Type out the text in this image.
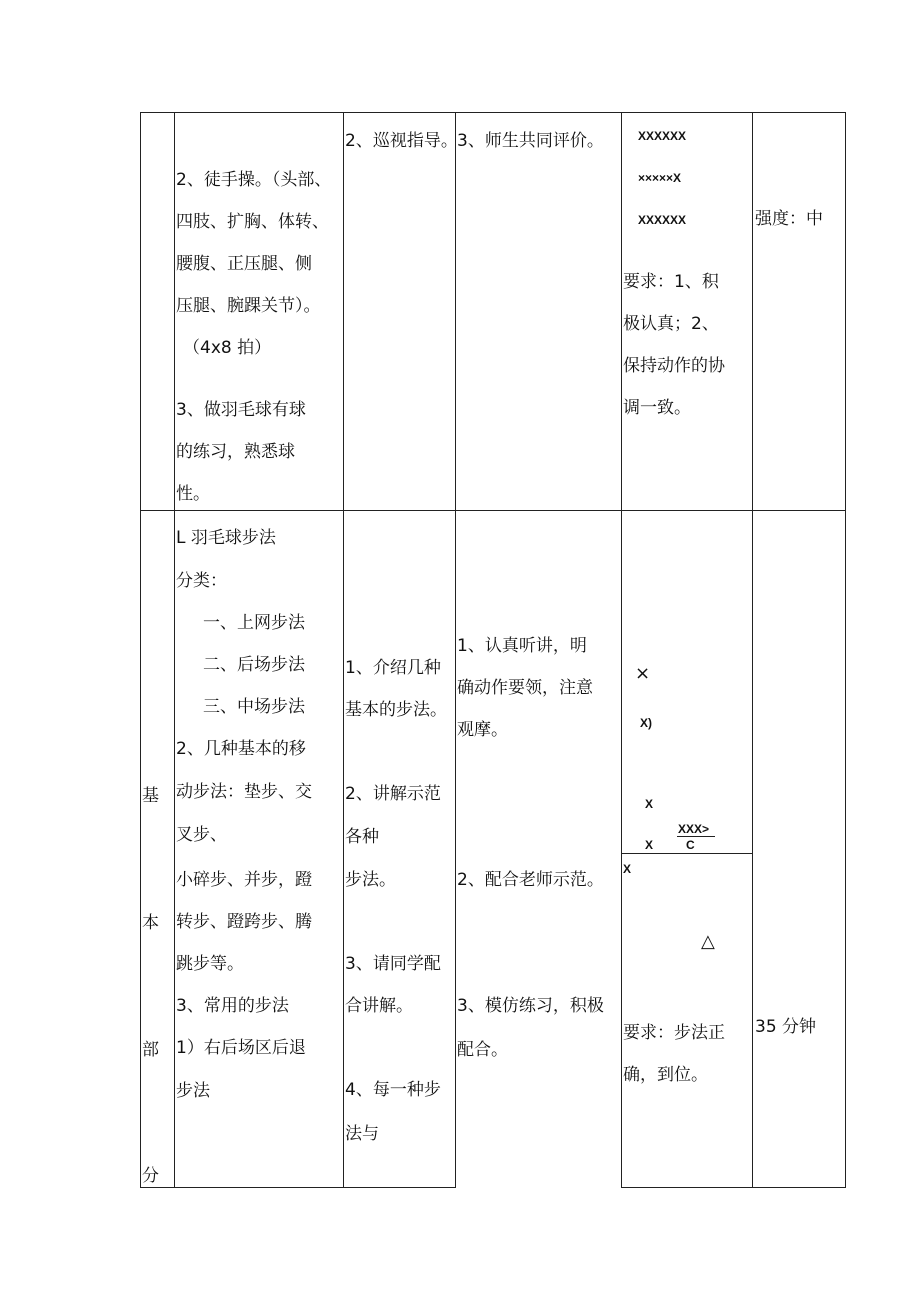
2、徒手操。（头部、
四肢、扩胸、体转、
腰腹、正压腿、侧
压腿、腕踝关节）。
（4x8 拍）
3、做羽毛球有球
的练习，熟悉球
性。
2、巡视指导。 3、师生共同评价。	XXXXXX
×××××X
XXXXXX
要求：1、积
极认真；2、
保持动作的协
调一致。
强度：中
基
本
部
分
L 羽毛球步法
分类：
一、上网步法
二、后场步法
三、中场步法
2、几种基本的移
动步法：垫步、交
叉步、
小碎步、并步，蹬
转步、蹬跨步、腾
跳步等。
3、常用的步法
1）右后场区后退
步法
1、介绍几种
基本的步法。
2、讲解示范
各种
步法。
3、请同学配
合讲解。
4、每一种步
法与
1、认真听讲，明
确动作要领，注意
观摩。
2、配合老师示范。
3、模仿练习，积极
配合。
×
X)
X
X
XXX>
C
X
△
要求：步法正
确，到位。
35 分钟
